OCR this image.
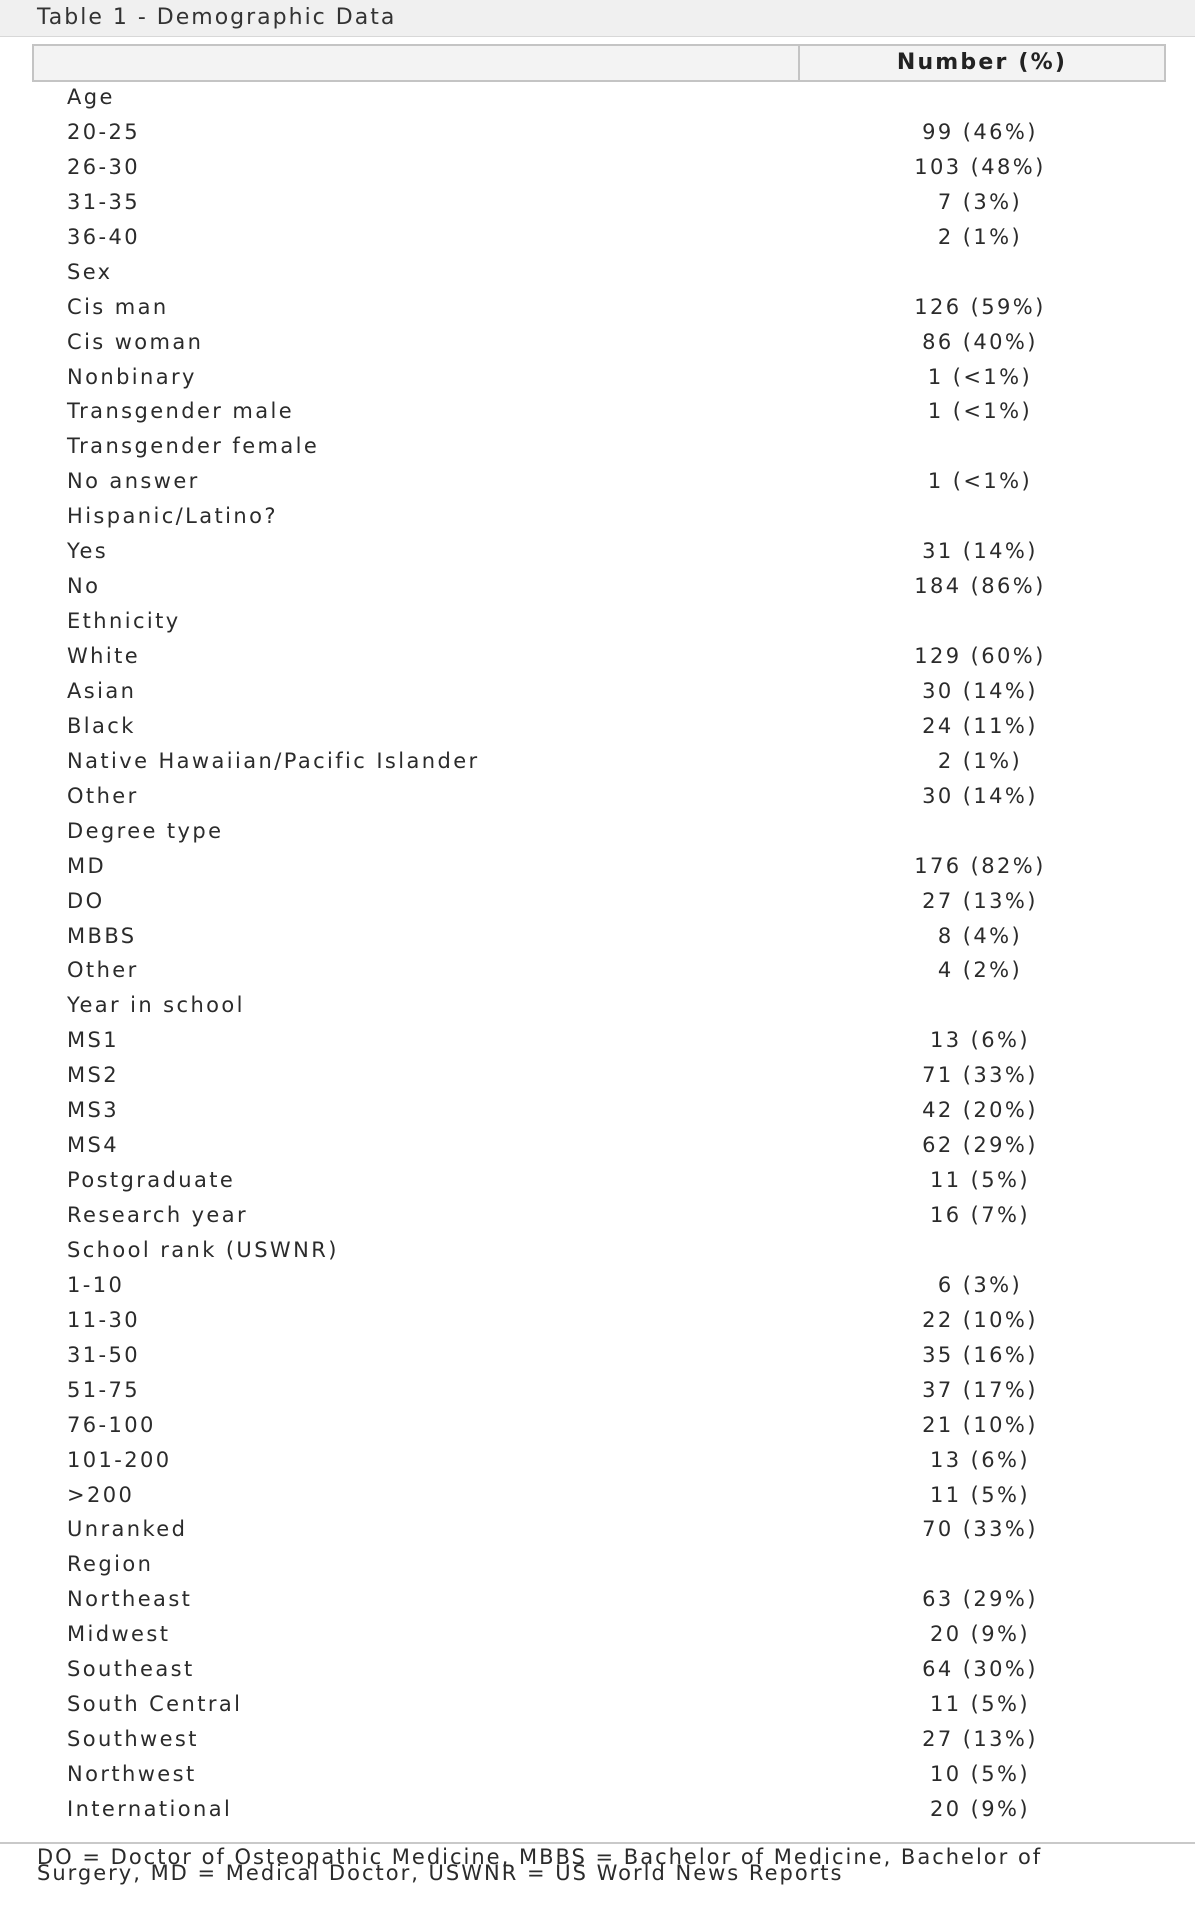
Table 1 - Demographic Data
Number (%)
Age
20-25	99 (46%)
26-30	103 (48%)
31-35	7 (3%)
36-40	2 (1%)
Sex
Cis man	126 (59%)
Cis woman	86 (40%)
Nonbinary	1 (<1%)
Transgender male	1 (<1%)
Transgender female
No answer	1 (<1%)
Hispanic/Latino?
Yes	31 (14%)
No	184 (86%)
Ethnicity
White	129 (60%)
Asian	30 (14%)
Black	24 (11%)
Native Hawaiian/Pacific Islander	2 (1%)
Other	30 (14%)
Degree type
MD	176 (82%)
DO	27 (13%)
MBBS	8 (4%)
Other	4 (2%)
Year in school
MS1	13 (6%)
MS2	71 (33%)
MS3	42 (20%)
MS4	62 (29%)
Postgraduate	11 (5%)
Research year	16 (7%)
School rank (USWNR)
1-10	6 (3%)
11-30	22 (10%)
31-50	35 (16%)
51-75	37 (17%)
76-100	21 (10%)
101-200	13 (6%)
>200	11 (5%)
Unranked	70 (33%)
Region
Northeast	63 (29%)
Midwest	20 (9%)
Southeast	64 (30%)
South Central	11 (5%)
Southwest	27 (13%)
Northwest	10 (5%)
International	20 (9%)
DO = Doctor of Osteopathic Medicine, MBBS = Bachelor of Medicine, Bachelor of Surgery, MD = Medical Doctor, USWNR = US World News Reports
